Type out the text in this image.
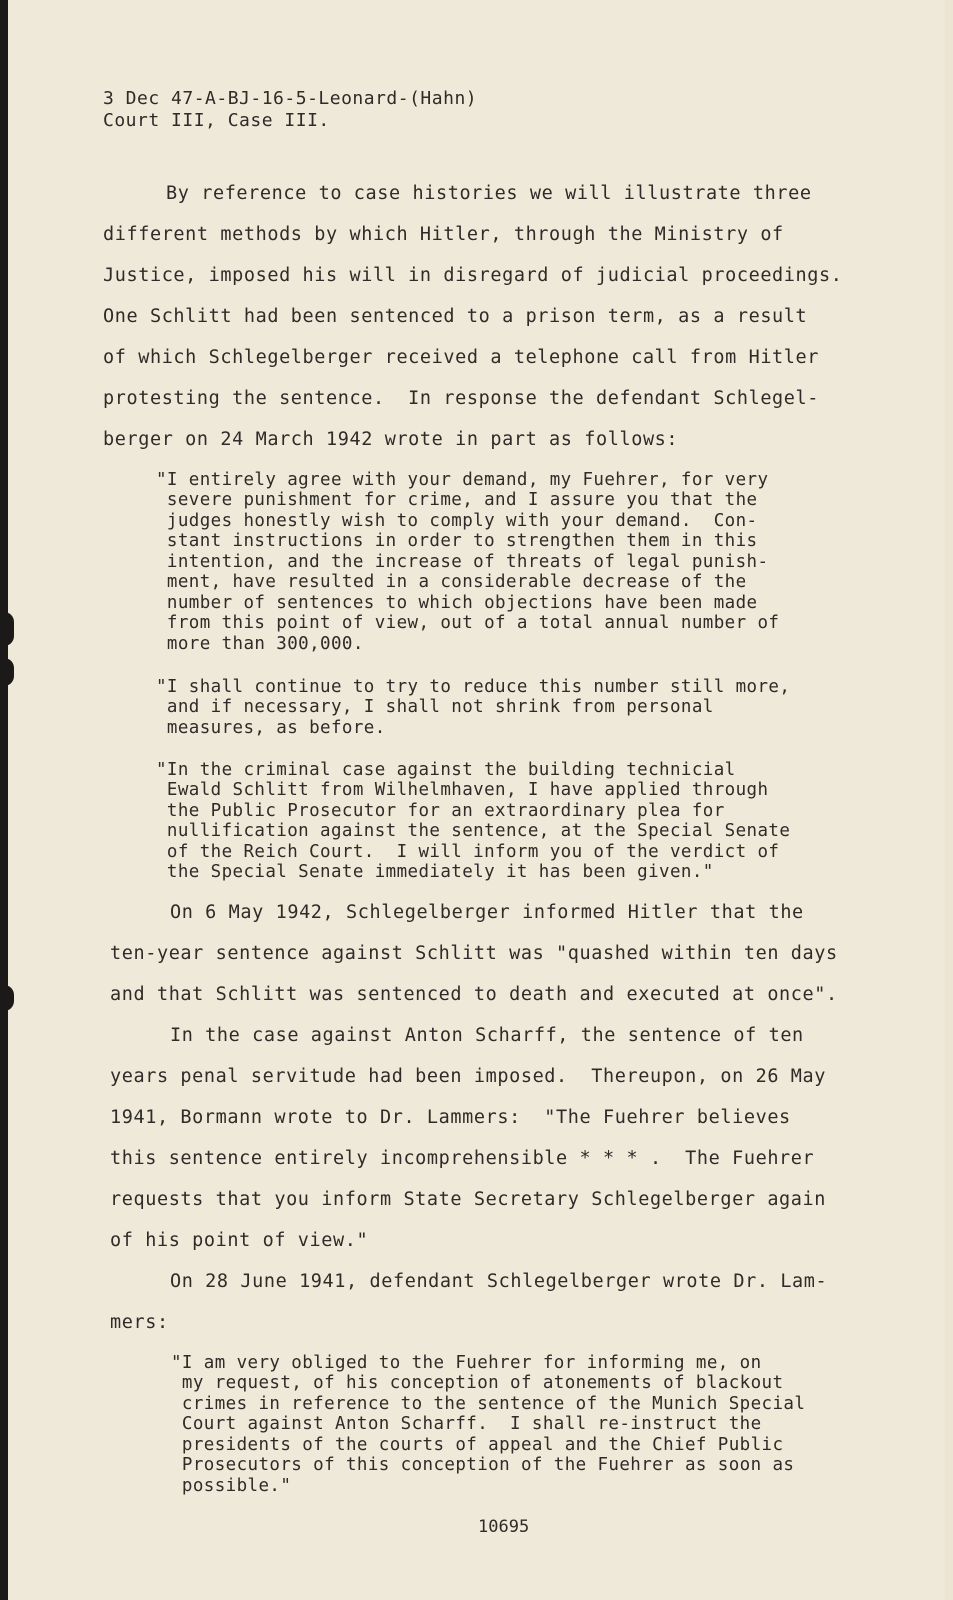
3 Dec 47-A-BJ-16-5-Leonard-(Hahn)
Court III, Case III.
By reference to case histories we will illustrate three
different methods by which Hitler, through the Ministry of
Justice, imposed his will in disregard of judicial proceedings.
One Schlitt had been sentenced to a prison term, as a result
of which Schlegelberger received a telephone call from Hitler
protesting the sentence.  In response the defendant Schlegel-
berger on 24 March 1942 wrote in part as follows:
"I entirely agree with your demand, my Fuehrer, for very
severe punishment for crime, and I assure you that the
judges honestly wish to comply with your demand.  Con-
stant instructions in order to strengthen them in this
intention, and the increase of threats of legal punish-
ment, have resulted in a considerable decrease of the
number of sentences to which objections have been made
from this point of view, out of a total annual number of
more than 300,000.
"I shall continue to try to reduce this number still more,
and if necessary, I shall not shrink from personal
measures, as before.
"In the criminal case against the building technicial
Ewald Schlitt from Wilhelmhaven, I have applied through
the Public Prosecutor for an extraordinary plea for
nullification against the sentence, at the Special Senate
of the Reich Court.  I will inform you of the verdict of
the Special Senate immediately it has been given."
On 6 May 1942, Schlegelberger informed Hitler that the
ten-year sentence against Schlitt was "quashed within ten days
and that Schlitt was sentenced to death and executed at once".
In the case against Anton Scharff, the sentence of ten
years penal servitude had been imposed.  Thereupon, on 26 May
1941, Bormann wrote to Dr. Lammers:  "The Fuehrer believes
this sentence entirely incomprehensible * * * .  The Fuehrer
requests that you inform State Secretary Schlegelberger again
of his point of view."
On 28 June 1941, defendant Schlegelberger wrote Dr. Lam-
mers:
"I am very obliged to the Fuehrer for informing me, on
my request, of his conception of atonements of blackout
crimes in reference to the sentence of the Munich Special
Court against Anton Scharff.  I shall re-instruct the
presidents of the courts of appeal and the Chief Public
Prosecutors of this conception of the Fuehrer as soon as
possible."
10695
